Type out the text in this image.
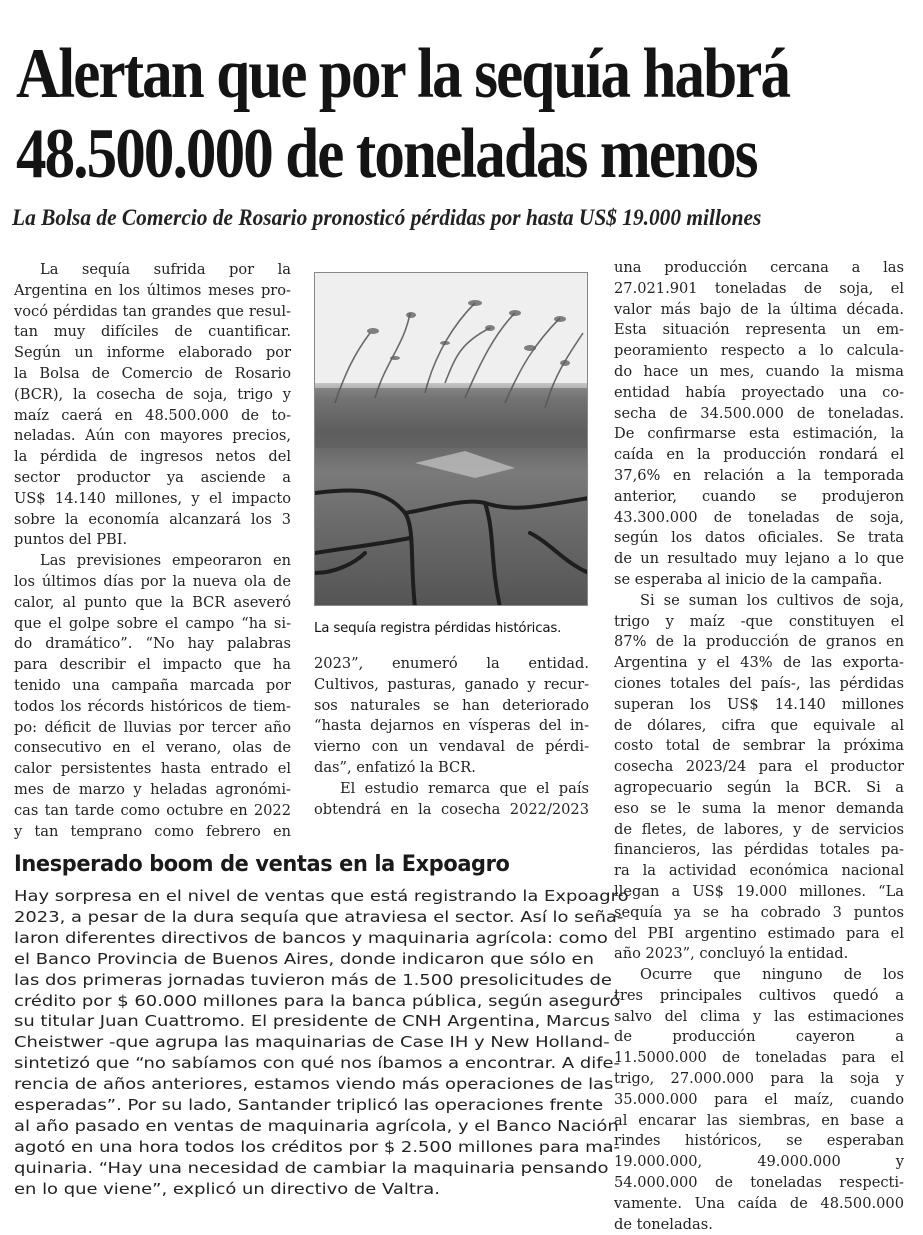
Alertan que por la sequía habrá
48.500.000 de toneladas menos
La Bolsa de Comercio de Rosario pronosticó pérdidas por hasta US$ 19.000 millones
La sequía sufrida por la
Argentina en los últimos meses pro-
vocó pérdidas tan grandes que resul-
tan muy difíciles de cuantificar.
Según un informe elaborado por
la Bolsa de Comercio de Rosario
(BCR), la cosecha de soja, trigo y
maíz caerá en 48.500.000 de to-
neladas. Aún con mayores precios,
la pérdida de ingresos netos del
sector productor ya asciende a
US$ 14.140 millones, y el impacto
sobre la economía alcanzará los 3
puntos del PBI.
Las previsiones empeoraron en
los últimos días por la nueva ola de
calor, al punto que la BCR aseveró
que el golpe sobre el campo “ha si-
do dramático”. “No hay palabras
para describir el impacto que ha
tenido una campaña marcada por
todos los récords históricos de tiem-
po: déficit de lluvias por tercer año
consecutivo en el verano, olas de
calor persistentes hasta entrado el
mes de marzo y heladas agronómi-
cas tan tarde como octubre en 2022
y tan temprano como febrero en
La sequía registra pérdidas históricas.
2023”, enumeró la entidad.
Cultivos, pasturas, ganado y recur-
sos naturales se han deteriorado
“hasta dejarnos en vísperas del in-
vierno con un vendaval de pérdi-
das”, enfatizó la BCR.
El estudio remarca que el país
obtendrá en la cosecha 2022/2023
una producción cercana a las
27.021.901 toneladas de soja, el
valor más bajo de la última década.
Esta situación representa un em-
peoramiento respecto a lo calcula-
do hace un mes, cuando la misma
entidad había proyectado una co-
secha de 34.500.000 de toneladas.
De confirmarse esta estimación, la
caída en la producción rondará el
37,6% en relación a la temporada
anterior, cuando se produjeron
43.300.000 de toneladas de soja,
según los datos oficiales. Se trata
de un resultado muy lejano a lo que
se esperaba al inicio de la campaña.
Si se suman los cultivos de soja,
trigo y maíz -que constituyen el
87% de la producción de granos en
Argentina y el 43% de las exporta-
ciones totales del país-, las pérdidas
superan los US$ 14.140 millones
de dólares, cifra que equivale al
costo total de sembrar la próxima
cosecha 2023/24 para el productor
agropecuario según la BCR. Si a
eso se le suma la menor demanda
de fletes, de labores, y de servicios
financieros, las pérdidas totales pa-
ra la actividad económica nacional
llegan a US$ 19.000 millones. “La
sequía ya se ha cobrado 3 puntos
del PBI argentino estimado para el
año 2023”, concluyó la entidad.
Ocurre que ninguno de los
tres principales cultivos quedó a
salvo del clima y las estimaciones
de producción cayeron a
11.5000.000 de toneladas para el
trigo, 27.000.000 para la soja y
35.000.000 para el maíz, cuando
al encarar las siembras, en base a
rindes históricos, se esperaban
19.000.000, 49.000.000 y
54.000.000 de toneladas respecti-
vamente. Una caída de 48.500.000
de toneladas.
Inesperado boom de ventas en la Expoagro
Hay sorpresa en el nivel de ventas que está registrando la Expoagro
2023, a pesar de la dura sequía que atraviesa el sector. Así lo seña-
laron diferentes directivos de bancos y maquinaria agrícola: como
el Banco Provincia de Buenos Aires, donde indicaron que sólo en
las dos primeras jornadas tuvieron más de 1.500 presolicitudes de
crédito por $ 60.000 millones para la banca pública, según aseguró
su titular Juan Cuattromo. El presidente de CNH Argentina, Marcus
Cheistwer -que agrupa las maquinarias de Case IH y New Holland-
sintetizó que “no sabíamos con qué nos íbamos a encontrar. A dife-
rencia de años anteriores, estamos viendo más operaciones de las
esperadas”. Por su lado, Santander triplicó las operaciones frente
al año pasado en ventas de maquinaria agrícola, y el Banco Nación
agotó en una hora todos los créditos por $ 2.500 millones para ma-
quinaria. “Hay una necesidad de cambiar la maquinaria pensando
en lo que viene”, explicó un directivo de Valtra.
